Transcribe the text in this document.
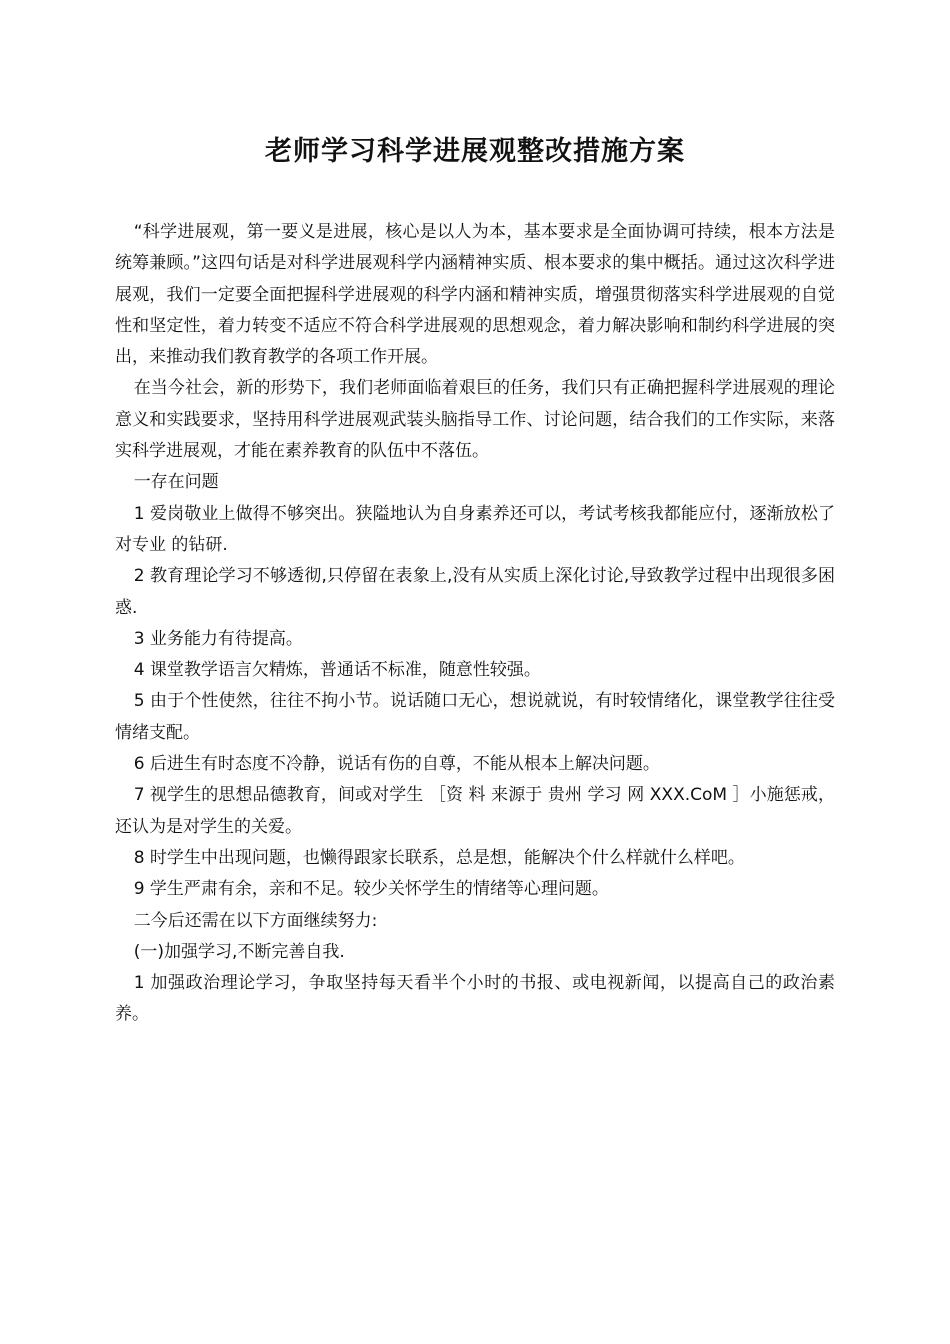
老师学习科学进展观整改措施方案

“科学进展观，第一要义是进展，核心是以人为本，基本要求是全面协调可持续，根本方法是统筹兼顾。”这四句话是对科学进展观科学内涵精神实质、根本要求的集中概括。通过这次科学进展观，我们一定要全面把握科学进展观的科学内涵和精神实质，增强贯彻落实科学进展观的自觉性和坚定性，着力转变不适应不符合科学进展观的思想观念，着力解决影响和制约科学进展的突出，来推动我们教育教学的各项工作开展。

在当今社会，新的形势下，我们老师面临着艰巨的任务，我们只有正确把握科学进展观的理论意义和实践要求，坚持用科学进展观武装头脑指导工作、讨论问题，结合我们的工作实际，来落实科学进展观，才能在素养教育的队伍中不落伍。

一存在问题

1 爱岗敬业上做得不够突出。狭隘地认为自身素养还可以，考试考核我都能应付，逐渐放松了对专业 的钻研.

2 教育理论学习不够透彻,只停留在表象上,没有从实质上深化讨论,导致教学过程中出现很多困惑.

3 业务能力有待提高。

4 课堂教学语言欠精炼，普通话不标准，随意性较强。

5 由于个性使然，往往不拘小节。说话随口无心，想说就说，有时较情绪化，课堂教学往往受情绪支配。

6 后进生有时态度不冷静，说话有伤的自尊，不能从根本上解决问题。

7 视学生的思想品德教育，间或对学生 ［资 料 来源于 贵州 学习 网 XXX.CoM ］小施惩戒，还认为是对学生的关爱。

8 时学生中出现问题，也懒得跟家长联系，总是想，能解决个什么样就什么样吧。

9 学生严肃有余，亲和不足。较少关怀学生的情绪等心理问题。

二今后还需在以下方面继续努力:

(一)加强学习,不断完善自我.

1 加强政治理论学习，争取坚持每天看半个小时的书报、或电视新闻，以提高自己的政治素养。
